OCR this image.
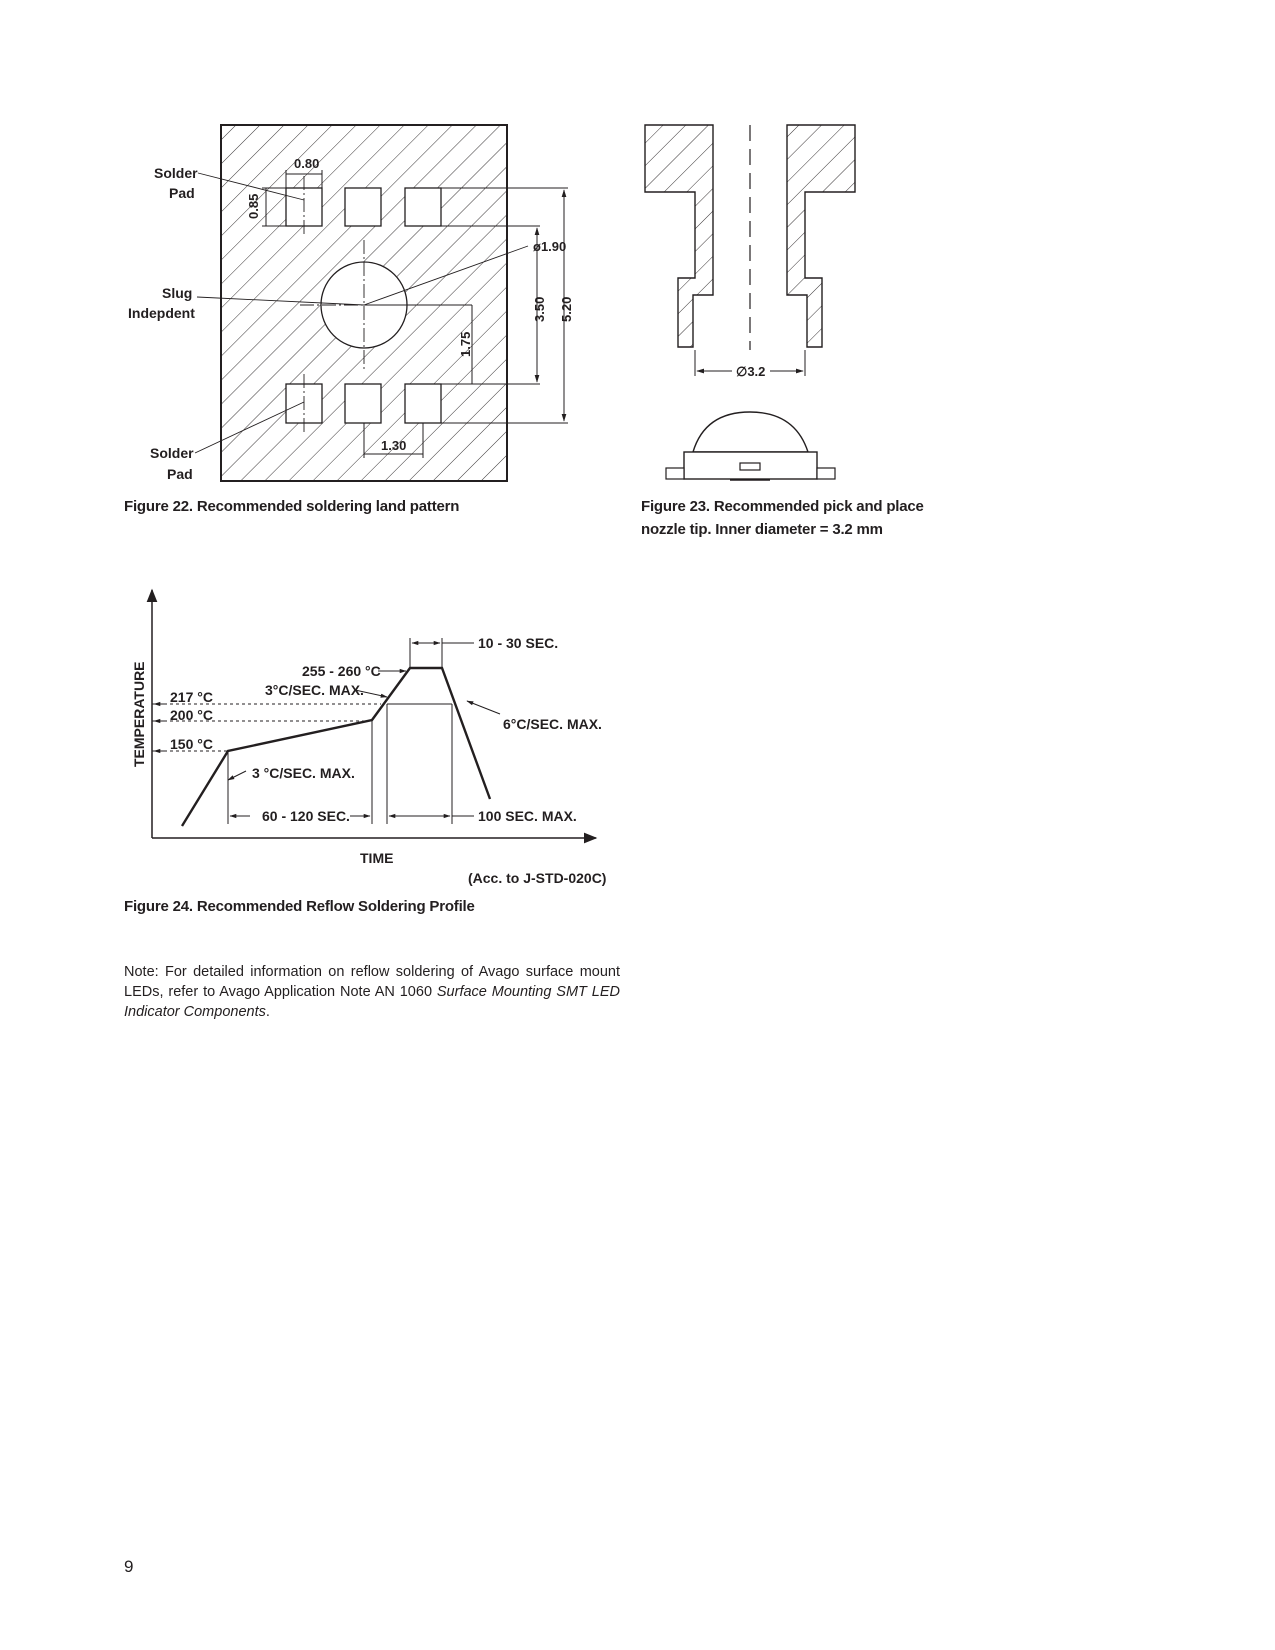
0.80
0.85
3.50 5.20
1.75
1.30
ø1.90
Solder
Pad
Slug
Indepdent
Solder
Pad

Figure 22. Recommended soldering land pattern

∅3.2

Figure 23. Recommended pick and place
nozzle tip. Inner diameter = 3.2 mm

10 - 30 SEC.
255 - 260 °C
3°C/SEC. MAX.
6°C/SEC. MAX.
3 °C/SEC. MAX.
217 °C
200 °C
150 °C
60 - 120 SEC.	100 SEC. MAX.
TEMPERATURE
TIME
(Acc. to J-STD-020C)

Figure 24. Recommended Reflow Soldering Profile

Note: For detailed information on reflow soldering of Avago surface mount LEDs, refer to Avago Application Note AN 1060 Surface Mounting SMT LED Indicator Components.

9
